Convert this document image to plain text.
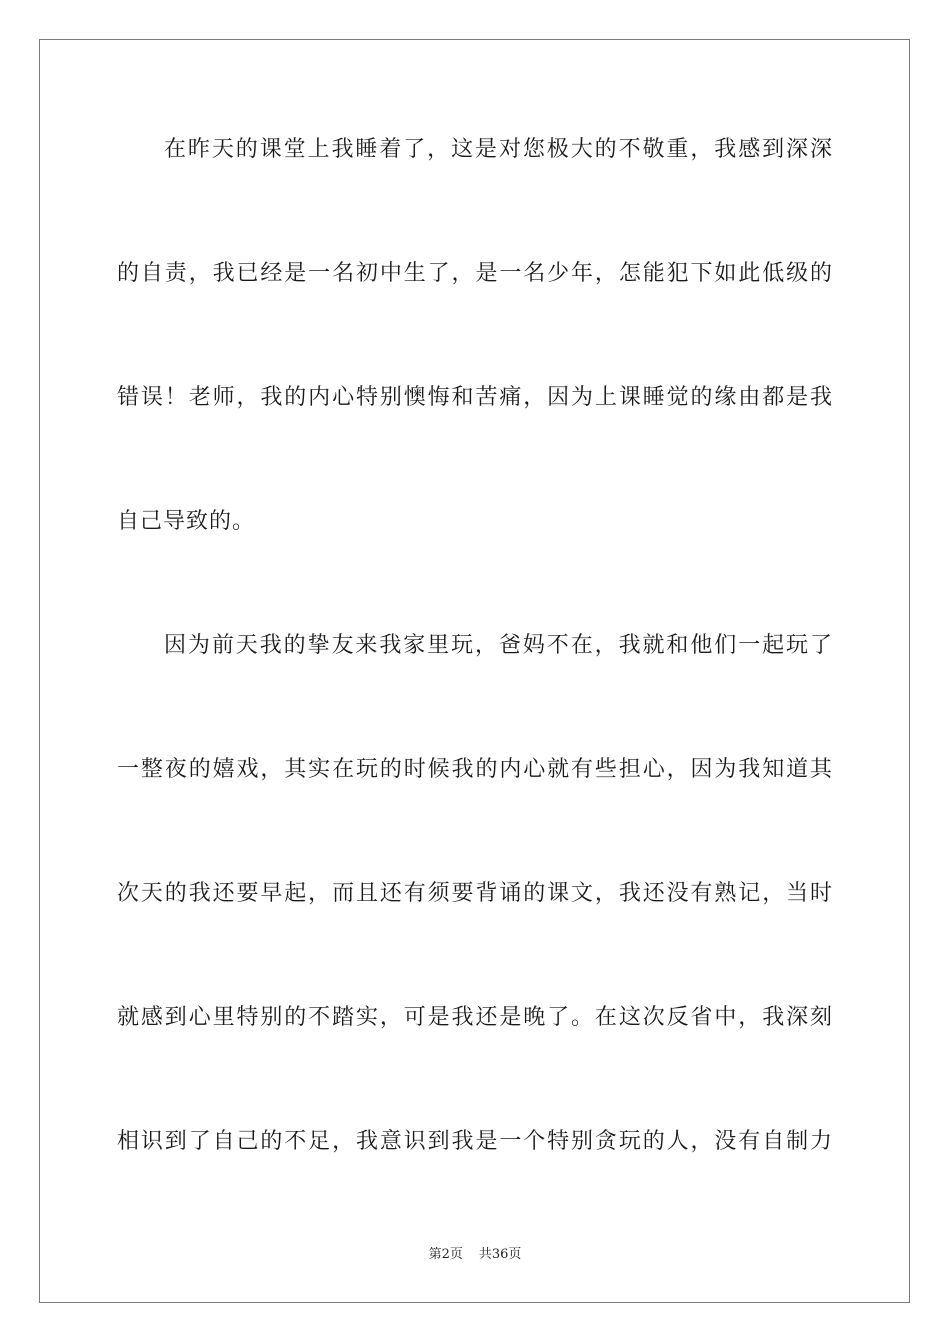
在昨天的课堂上我睡着了，这是对您极大的不敬重，我感到深深
的自责，我已经是一名初中生了，是一名少年，怎能犯下如此低级的
错误！老师，我的内心特别懊悔和苦痛，因为上课睡觉的缘由都是我
自己导致的。
因为前天我的挚友来我家里玩，爸妈不在，我就和他们一起玩了
一整夜的嬉戏，其实在玩的时候我的内心就有些担心，因为我知道其
次天的我还要早起，而且还有须要背诵的课文，我还没有熟记，当时
就感到心里特别的不踏实，可是我还是晚了。在这次反省中，我深刻
相识到了自己的不足，我意识到我是一个特别贪玩的人，没有自制力
第2页 共36页
